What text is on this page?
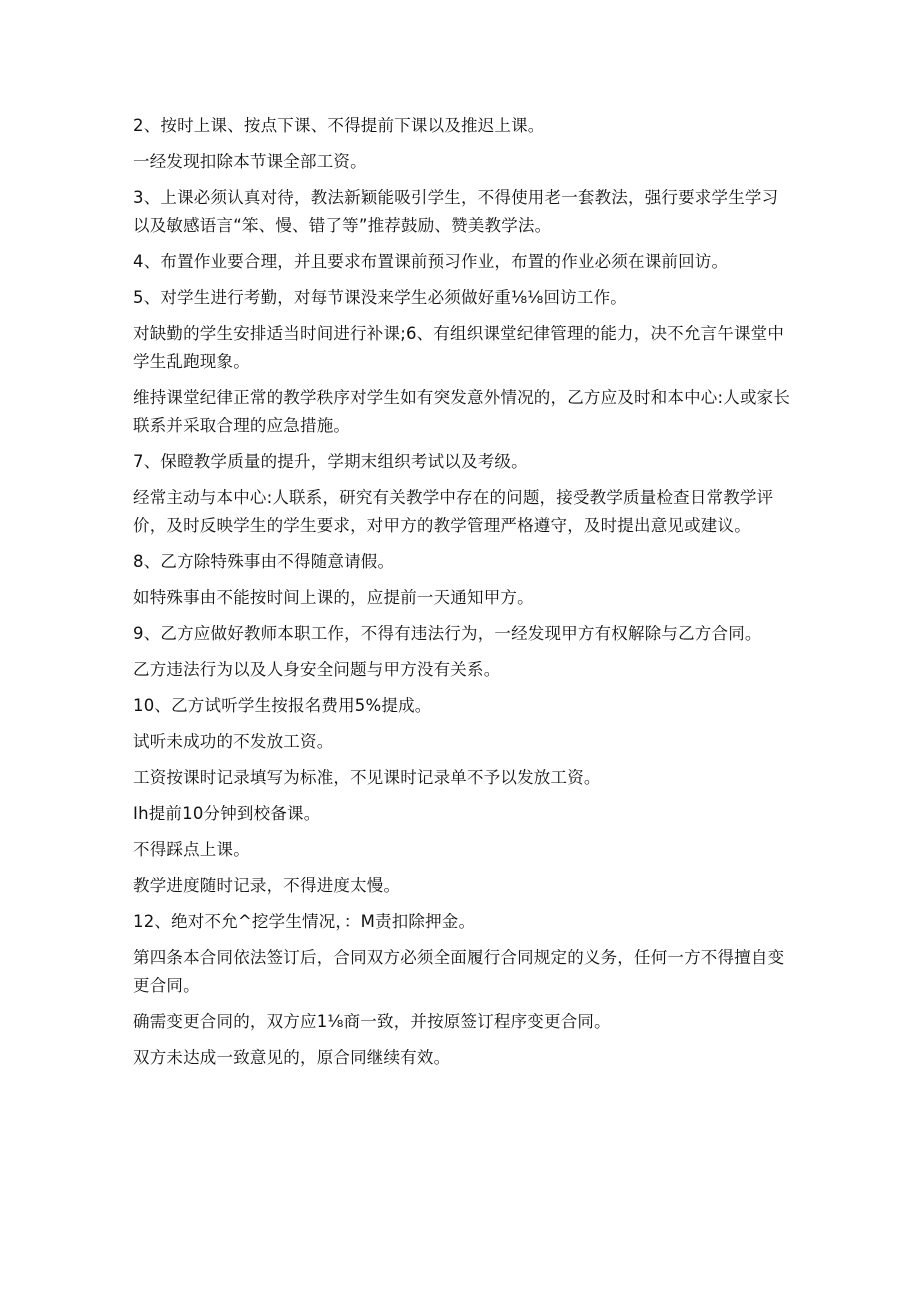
2、按时上课、按点下课、不得提前下课以及推迟上课。

一经发现扣除本节课全部工资。

3、上课必须认真对待，教法新颖能吸引学生，不得使用老一套教法，强行要求学生学习以及敏感语言“笨、慢、错了等”推荐鼓励、赞美教学法。

4、布置作业要合理，并且要求布置课前预习作业，布置的作业必须在课前回访。

5、对学生进行考勤，对每节课没来学生必须做好重⅛⅛回访工作。

对缺勤的学生安排适当时间进行补课;6、有组织课堂纪律管理的能力，决不允言午课堂中学生乱跑现象。

维持课堂纪律正常的教学秩序对学生如有突发意外情况的，乙方应及时和本中心:人或家长联系并采取合理的应急措施。

7、保瞪教学质量的提升，学期末组织考试以及考级。

经常主动与本中心:人联系，研究有关教学中存在的问题，接受教学质量检查日常教学评价，及时反映学生的学生要求，对甲方的教学管理严格遵守，及时提出意见或建议。

8、乙方除特殊事由不得随意请假。

如特殊事由不能按时间上课的，应提前一天通知甲方。

9、乙方应做好教师本职工作，不得有违法行为，一经发现甲方有权解除与乙方合同。

乙方违法行为以及人身安全问题与甲方没有关系。

10、乙方试听学生按报名费用5%提成。

试听未成功的不发放工资。

工资按课时记录填写为标准，不见课时记录单不予以发放工资。

Ih提前10分钟到校备课。

不得踩点上课。

教学进度随时记录，不得进度太慢。

12、绝对不允^挖学生情况，：M责扣除押金。

第四条本合同依法签订后，合同双方必须全面履行合同规定的义务，任何一方不得擅自变更合同。

确需变更合同的，双方应1⅛商一致，并按原签订程序变更合同。

双方未达成一致意见的，原合同继续有效。
